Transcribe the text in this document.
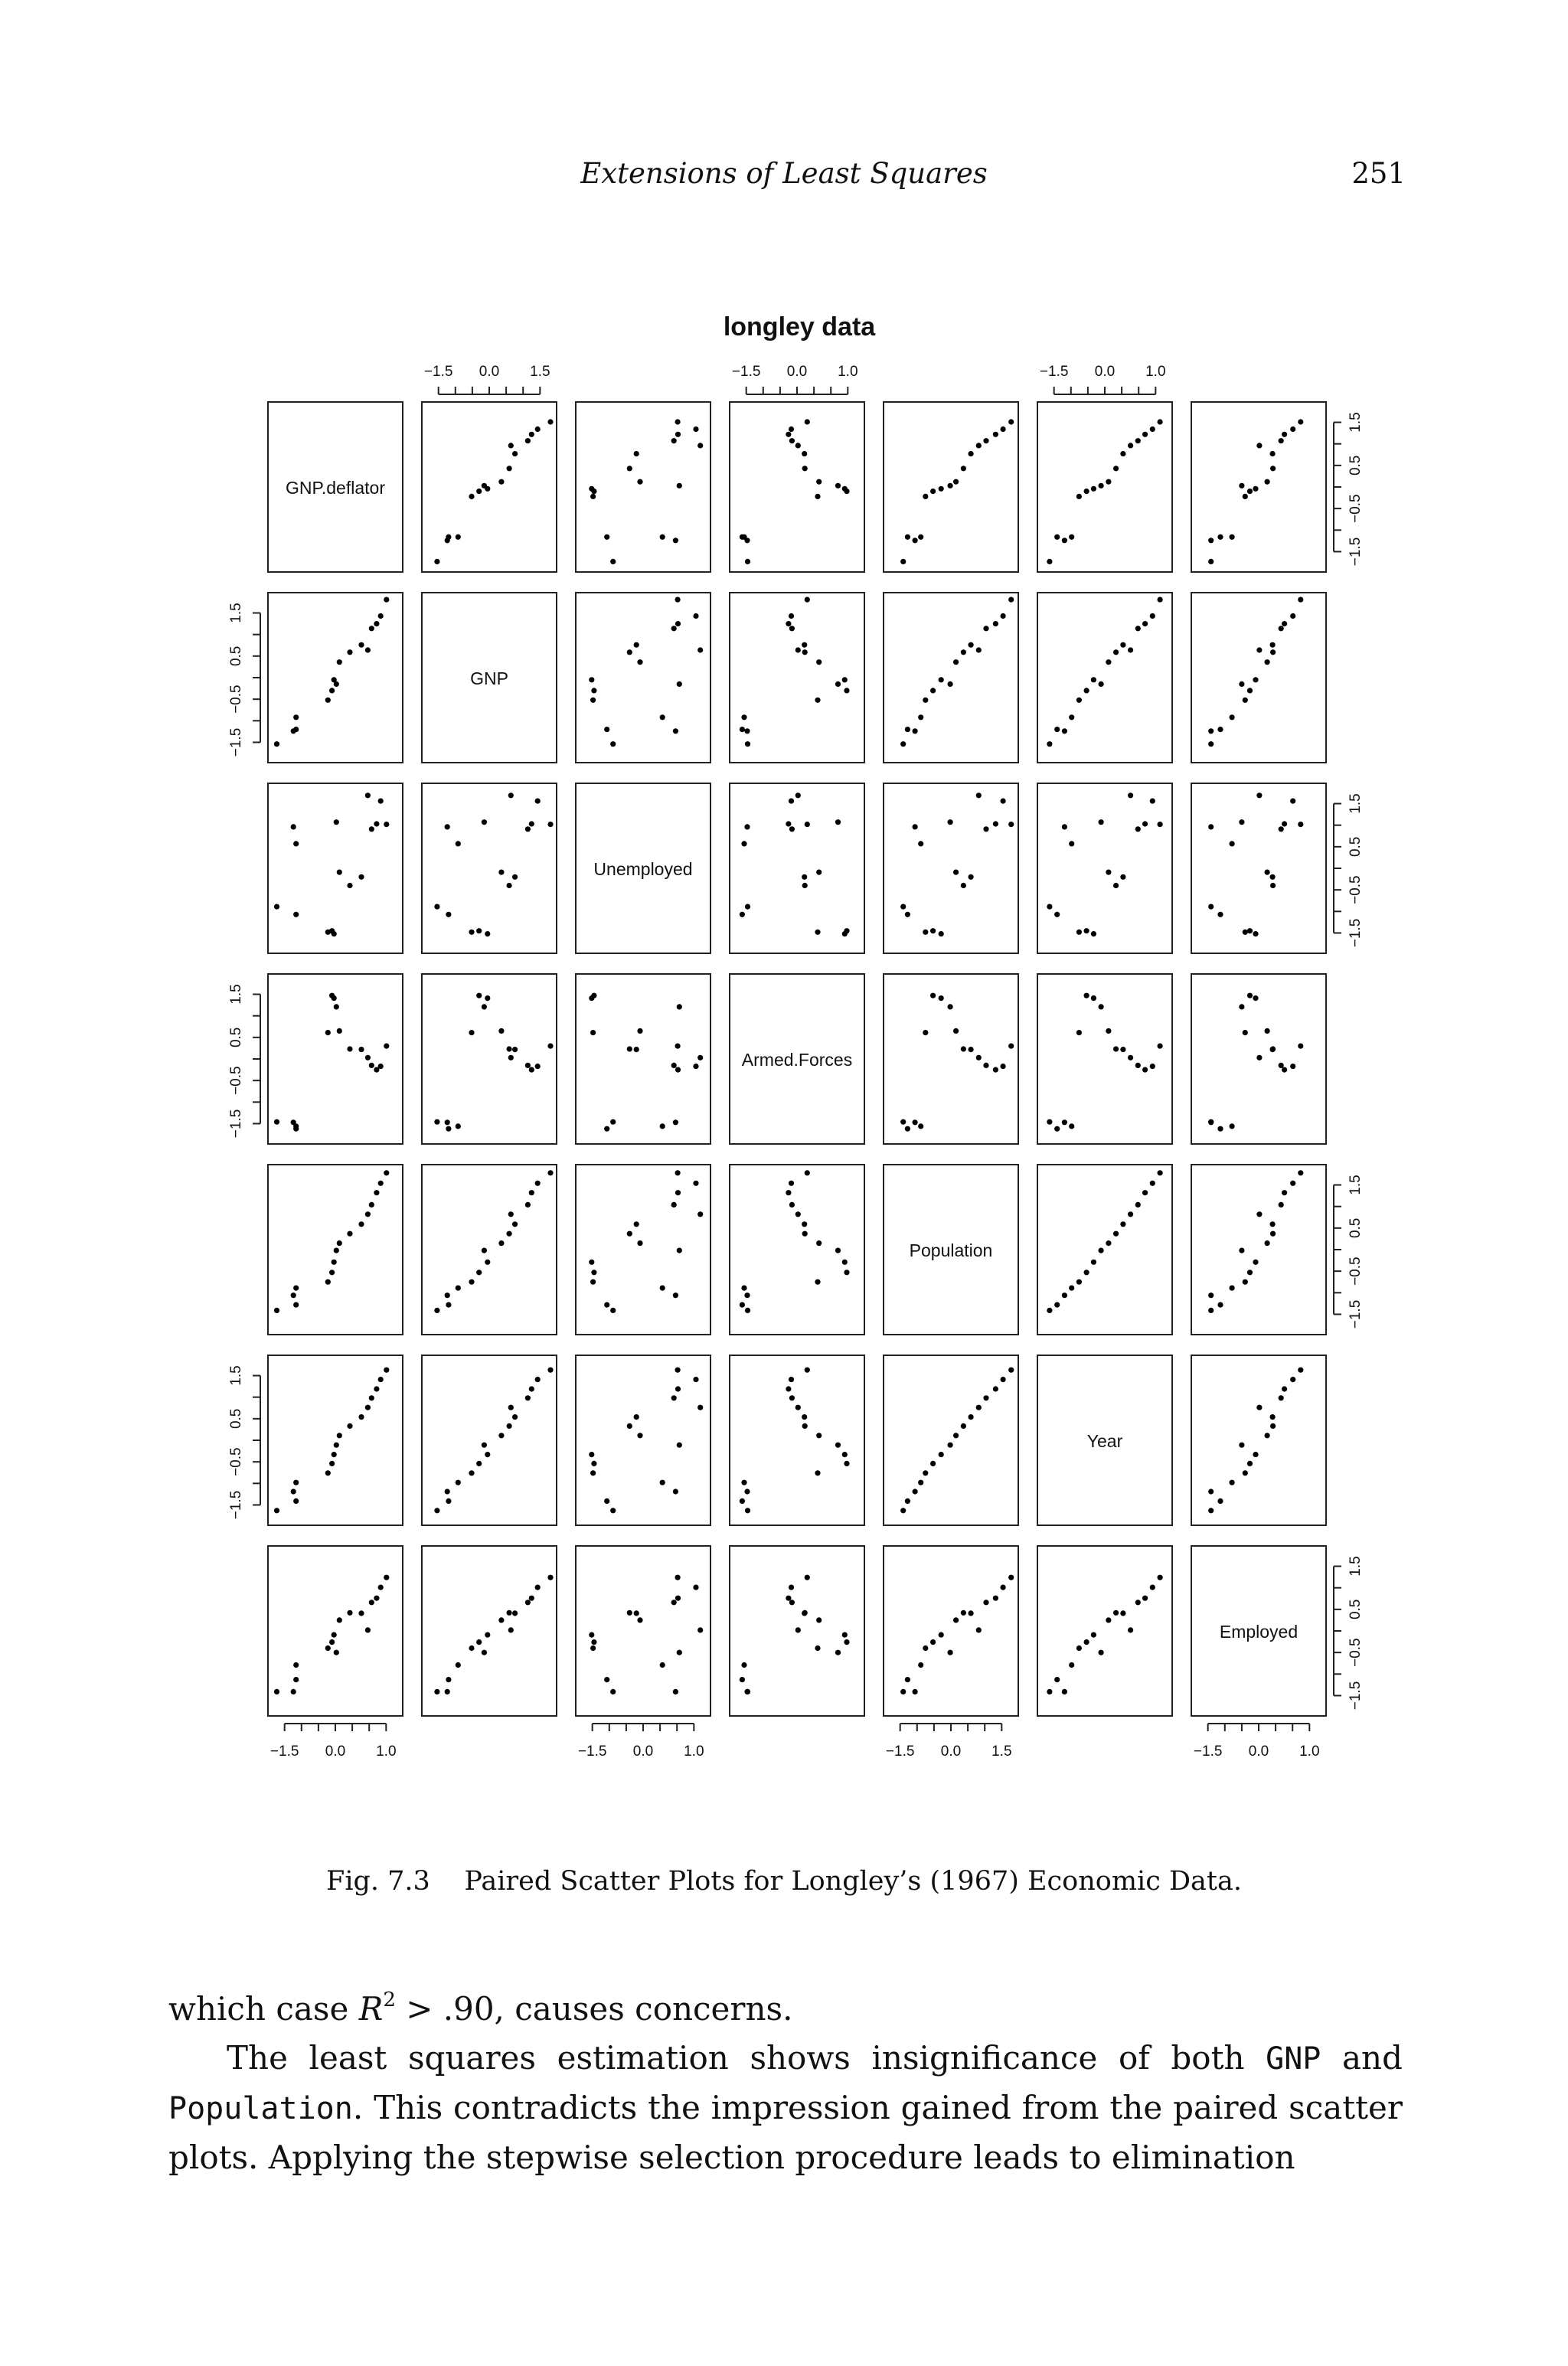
Extensions of Least Squares	251
longley data
GNP.deflator
GNP
Unemployed
Armed.Forces
Population
Year
Employed
−1.5 0.0 1.5	−1.5 0.0 1.0	−1.5 0.0 1.0
−1.5 0.0 1.0	−1.5 0.0 1.0	−1.5 0.0 1.5	−1.5 0.0 1.0
−1.5
−0.5
0.5
1.5
−1.5
−0.5
0.5
1.5
−1.5
−0.5
0.5
1.5
−1.5
−0.5
0.5
1.5
−1.5
−0.5
0.5
1.5
−1.5
−0.5
0.5
1.5
−1.5
−0.5
0.5
1.5
Fig. 7.3 Paired Scatter Plots for Longley’s (1967) Economic Data.
which case $R^2 > .90$, causes concerns.
The least squares estimation shows insignificance of both GNP and Population. This contradicts the impression gained from the paired scatter plots. Applying the stepwise selection procedure leads to elimination
